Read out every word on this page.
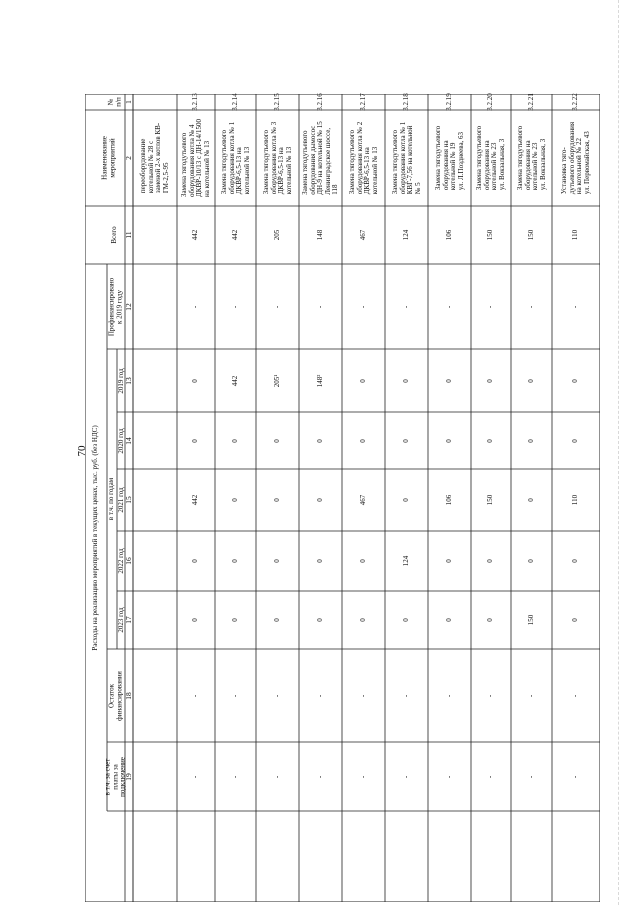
70
№
п/п
Наименование
мероприятий
Всего
Расходы на реализацию мероприятий в текущих ценах, тыс. руб. (без НДС)
Профинансировано
к 2019 году
в т.ч. по годам
2019 год
2020 год
2021 год
2022 год
2023 год
Остаток
финансирования
в т.ч. за счет
платы за
подключение
1
2
11
12
13
14
15
16
17
18
19
переоборудование
котельной № 28 с
заменой 2-х котлов КВ-
ГМ-2,5-95
3.2.13
Замена тягодутьевого
оборудования котла № 4
ДКВР-10/13 с ДН-14/1500
на котельной № 13
442
-
0
0
442
0
0
-
-
3.2.14
Замена тягодутьевого
оборудования котла № 1
ДКВР-6,5-13 на
котельной № 13
442
-
442
0
0
0
0
-
-
3.2.15
Замена тягодутьевого
оборудования котла № 3
ДКВР-6,5-13 на
котельной № 13
205
-
205¹
0
0
0
0
-
-
3.2.16
Замена тягодутьевого
оборудования дымосос
ДН-9 на котельной № 15
Ленинградское шоссе,
118
148
-
148²
0
0
0
0
-
-
3.2.17
Замена тягодутьевого
оборудования котла № 2
ДКВР-6,5-13 на
котельной № 13
467
-
0
0
467
0
0
-
-
3.2.18
Замена тягодутьевого
оборудования котла № 1
КВГ-7,56 на котельной
№ 5
124
-
0
0
0
124
0
-
-
3.2.19
Замена тягодутьевого
оборудования на
котельной № 19
ул. Л.Позднеева, 63
106
-
0
0
106
0
0
-
-
3.2.20
Замена тягодутьевого
оборудования на
котельной № 23
ул. Вокзальная, 3
150
-
0
0
150
0
0
-
-
3.2.21
Замена тягодутьевого
оборудования на
котельной № 23
ул. Вокзальная, 3
150
-
0
0
0
0
150
-
-
3.2.22
Установка тяго-
дутьевого оборудования
на котельной № 22
ул. Первомайская, 43
110
-
0
0
110
0
0
-
-
